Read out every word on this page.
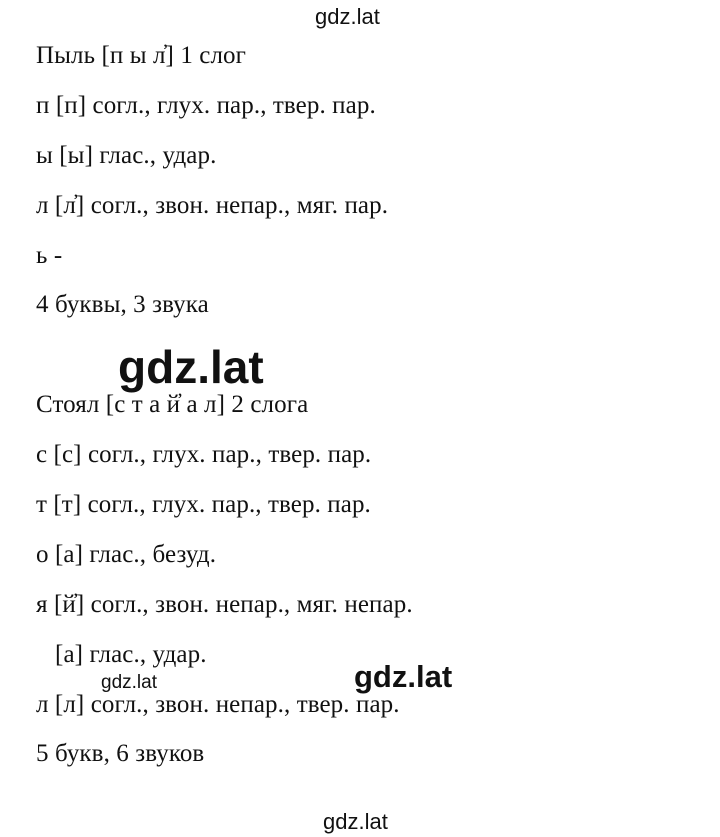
gdz.lat
Пыль [п ы л̓] 1 слог
п [п] согл., глух. пар., твер. пар.
ы [ы] глас., удар.
л [л̓] согл., звон. непар., мяг. пар.
ь -
4 буквы, 3 звука
gdz.lat
Стоял [с т а й̓ а л] 2 слога
с [с] согл., глух. пар., твер. пар.
т [т] согл., глух. пар., твер. пар.
о [а] глас., безуд.
я [й̓] согл., звон. непар., мяг. непар.
[а] глас., удар.
gdz.lat	gdz.lat
л [л] согл., звон. непар., твер. пар.
5 букв, 6 звуков
gdz.lat
